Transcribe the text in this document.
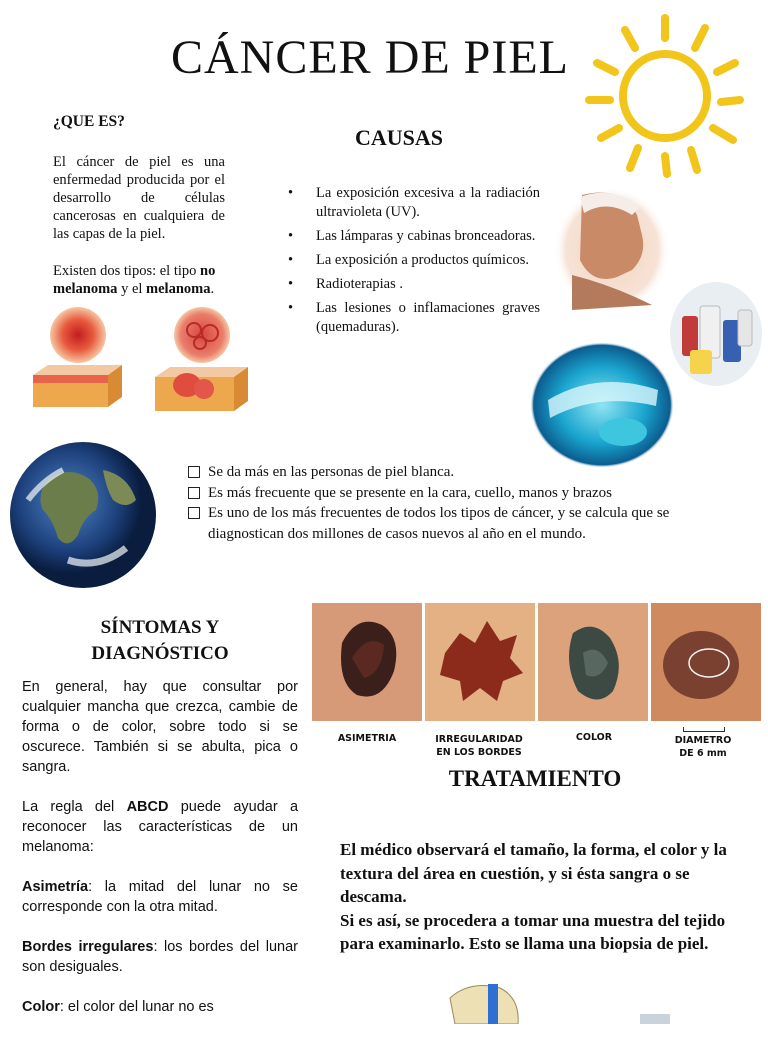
CÁNCER DE PIEL
¿QUE ES?
El cáncer de piel es una enfermedad producida por el desarrollo de células cancerosas en cualquiera de las capas de la piel.
Existen dos tipos: el tipo no melanoma y el melanoma.
CAUSAS
• La exposición excesiva a la radiación ultravioleta (UV).
• Las lámparas y cabinas bronceadoras.
• La exposición a productos químicos.
• Radioterapias .
• Las lesiones o inflamaciones graves (quemaduras).
Se da más en las personas de piel blanca.
Es más frecuente que se presente en la cara, cuello, manos y brazos
Es uno de los más frecuentes de todos los tipos de cáncer, y se calcula que se diagnostican dos millones de casos nuevos al año en el mundo.
SÍNTOMAS Y
DIAGNÓSTICO

En general, hay que consultar por cualquier mancha que crezca, cambie de forma o de color, sobre todo si se oscurece. También si se abulta, pica o sangra.

La regla del ABCD puede ayudar a reconocer las características de un melanoma:

Asimetría: la mitad del lunar no se corresponde con la otra mitad.

Bordes irregulares: los bordes del lunar son desiguales.

Color: el color del lunar no es

ASIMETRIA	IRREGULARIDAD
EN LOS BORDES
COLOR	DIAMETRO
DE 6 mm
TRATAMIENTO
El médico observará el tamaño, la forma, el color y la textura del área en cuestión, y si ésta sangra o se descama.
Si es así, se procedera a tomar una muestra del tejido para examinarlo. Esto se llama una biopsia de piel.
